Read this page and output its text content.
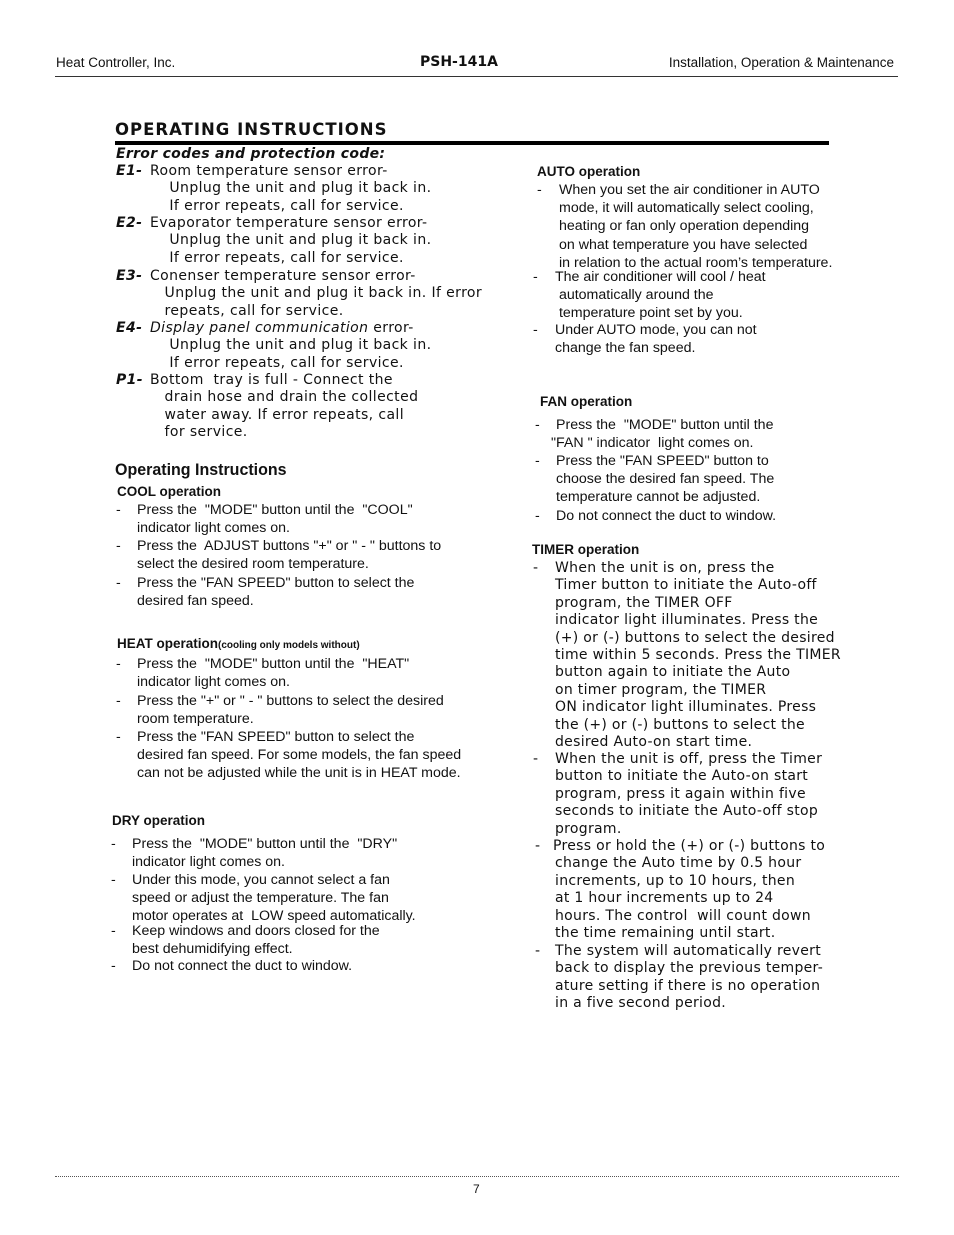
Heat Controller, Inc.	PSH-141A	Installation, Operation & Maintenance
OPERATING INSTRUCTIONS
Error codes and protection code:
E1- Room temperature sensor error-
Unplug the unit and plug it back in.
If error repeats, call for service.
E2- Evaporator temperature sensor error-
Unplug the unit and plug it back in.
If error repeats, call for service.
E3- Conenser temperature sensor error-
Unplug the unit and plug it back in. If error
repeats, call for service.
E4- Display panel communication error-
Unplug the unit and plug it back in.
If error repeats, call for service.
P1- Bottom  tray is full - Connect the
drain hose and drain the collected
water away. If error repeats, call
for service.
Operating Instructions
COOL operation
- Press the  "MODE" button until the  "COOL"
indicator light comes on.
- Press the  ADJUST buttons "+" or " - " buttons to
select the desired room temperature.
- Press the "FAN SPEED" button to select the
desired fan speed.
HEAT operation(cooling only models without)
- Press the  "MODE" button until the  "HEAT"
indicator light comes on.
- Press the "+" or " - " buttons to select the desired
room temperature.
- Press the "FAN SPEED" button to select the
desired fan speed. For some models, the fan speed
can not be adjusted while the unit is in HEAT mode.
DRY operation
- Press the  "MODE" button until the  "DRY"
indicator light comes on.
- Under this mode, you cannot select a fan
speed or adjust the temperature. The fan
motor operates at  LOW speed automatically.
- Keep windows and doors closed for the
best dehumidifying effect.
- Do not connect the duct to window.
AUTO operation
- When you set the air conditioner in AUTO
mode, it will automatically select cooling,
heating or fan only operation depending
on what temperature you have selected
in relation to the actual room’s temperature.
- The air conditioner will cool / heat
automatically around the
temperature point set by you.
- Under AUTO mode, you can not
change the fan speed.
FAN operation
- Press the  "MODE" button until the
"FAN " indicator  light comes on.
- Press the "FAN SPEED" button to
choose the desired fan speed. The
temperature cannot be adjusted.
- Do not connect the duct to window.
TIMER operation
- When the unit is on, press the
Timer button to initiate the Auto-off
program, the TIMER OFF
indicator light illuminates. Press the
(+) or (-) buttons to select the desired
time within 5 seconds. Press the TIMER
button again to initiate the Auto
on timer program, the TIMER
ON indicator light illuminates. Press
the (+) or (-) buttons to select the
desired Auto-on start time.
- When the unit is off, press the Timer
button to initiate the Auto-on start
program, press it again within five
seconds to initiate the Auto-off stop
program.
- Press or hold the (+) or (-) buttons to
change the Auto time by 0.5 hour
increments, up to 10 hours, then
at 1 hour increments up to 24
hours. The control  will count down
the time remaining until start.
- The system will automatically revert
back to display the previous temper-
ature setting if there is no operation
in a five second period.
7
